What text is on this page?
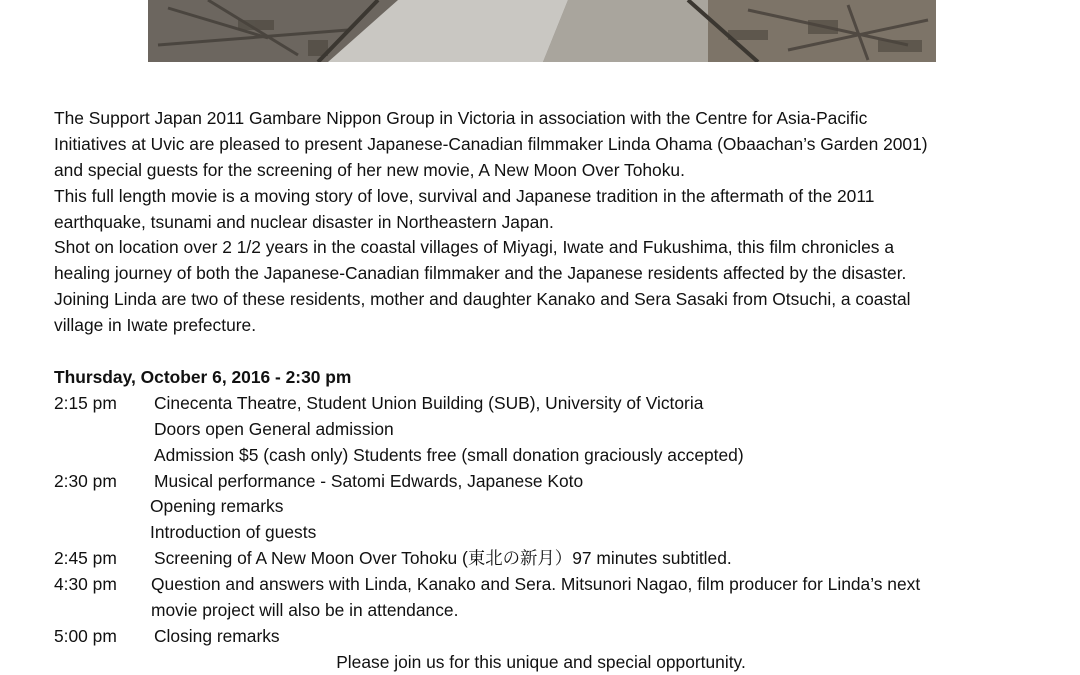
The Support Japan 2011 Gambare Nippon Group in Victoria in association with the Centre for Asia-Pacific
Initiatives at Uvic are pleased to present Japanese-Canadian filmmaker Linda Ohama (Obaachan’s Garden 2001)
and special guests for the screening of her new movie, A New Moon Over Tohoku.
This full length movie is a moving story of love, survival and Japanese tradition in the aftermath of the 2011
earthquake, tsunami and nuclear disaster in Northeastern Japan.
Shot on location over 2 1/2 years in the coastal villages of Miyagi, Iwate and Fukushima, this film chronicles a
healing journey of both the Japanese-Canadian filmmaker and the Japanese residents affected by the disaster.
Joining Linda are two of these residents, mother and daughter Kanako and Sera Sasaki from Otsuchi, a coastal
village in Iwate prefecture.
Thursday, October 6, 2016 - 2:30 pm
2:15 pm Cinecenta Theatre, Student Union Building (SUB), University of Victoria
Doors open General admission
Admission $5 (cash only) Students free (small donation graciously accepted)
2:30 pm Musical performance - Satomi Edwards, Japanese Koto
Opening remarks
Introduction of guests
2:45 pm Screening of A New Moon Over Tohoku (東北の新月）97 minutes subtitled.
4:30 pm Question and answers with Linda, Kanako and Sera. Mitsunori Nagao, film producer for Linda’s next
movie project will also be in attendance.
5:00 pm Closing remarks
Please join us for this unique and special opportunity.
